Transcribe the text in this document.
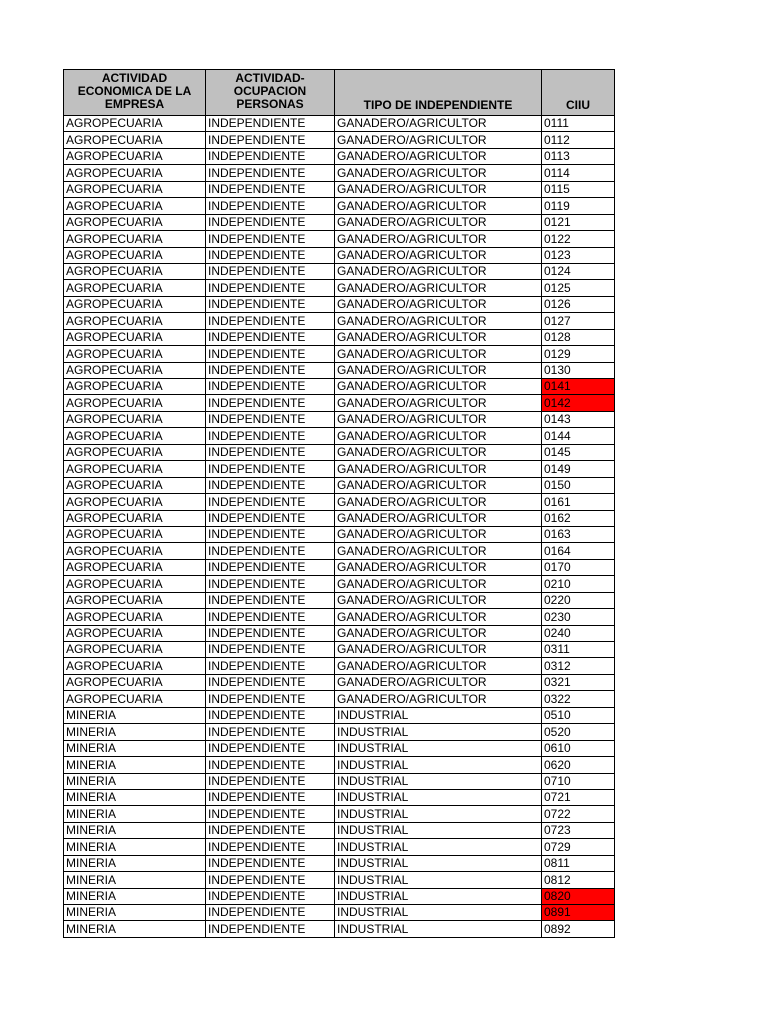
ACTIVIDAD ECONOMICA DE LA EMPRESA	ACTIVIDAD-OCUPACION PERSONAS	TIPO DE INDEPENDIENTE	CIIU
AGROPECUARIA	INDEPENDIENTE	GANADERO/AGRICULTOR	0111
AGROPECUARIA	INDEPENDIENTE	GANADERO/AGRICULTOR	0112
AGROPECUARIA	INDEPENDIENTE	GANADERO/AGRICULTOR	0113
AGROPECUARIA	INDEPENDIENTE	GANADERO/AGRICULTOR	0114
AGROPECUARIA	INDEPENDIENTE	GANADERO/AGRICULTOR	0115
AGROPECUARIA	INDEPENDIENTE	GANADERO/AGRICULTOR	0119
AGROPECUARIA	INDEPENDIENTE	GANADERO/AGRICULTOR	0121
AGROPECUARIA	INDEPENDIENTE	GANADERO/AGRICULTOR	0122
AGROPECUARIA	INDEPENDIENTE	GANADERO/AGRICULTOR	0123
AGROPECUARIA	INDEPENDIENTE	GANADERO/AGRICULTOR	0124
AGROPECUARIA	INDEPENDIENTE	GANADERO/AGRICULTOR	0125
AGROPECUARIA	INDEPENDIENTE	GANADERO/AGRICULTOR	0126
AGROPECUARIA	INDEPENDIENTE	GANADERO/AGRICULTOR	0127
AGROPECUARIA	INDEPENDIENTE	GANADERO/AGRICULTOR	0128
AGROPECUARIA	INDEPENDIENTE	GANADERO/AGRICULTOR	0129
AGROPECUARIA	INDEPENDIENTE	GANADERO/AGRICULTOR	0130
AGROPECUARIA	INDEPENDIENTE	GANADERO/AGRICULTOR	0141
AGROPECUARIA	INDEPENDIENTE	GANADERO/AGRICULTOR	0142
AGROPECUARIA	INDEPENDIENTE	GANADERO/AGRICULTOR	0143
AGROPECUARIA	INDEPENDIENTE	GANADERO/AGRICULTOR	0144
AGROPECUARIA	INDEPENDIENTE	GANADERO/AGRICULTOR	0145
AGROPECUARIA	INDEPENDIENTE	GANADERO/AGRICULTOR	0149
AGROPECUARIA	INDEPENDIENTE	GANADERO/AGRICULTOR	0150
AGROPECUARIA	INDEPENDIENTE	GANADERO/AGRICULTOR	0161
AGROPECUARIA	INDEPENDIENTE	GANADERO/AGRICULTOR	0162
AGROPECUARIA	INDEPENDIENTE	GANADERO/AGRICULTOR	0163
AGROPECUARIA	INDEPENDIENTE	GANADERO/AGRICULTOR	0164
AGROPECUARIA	INDEPENDIENTE	GANADERO/AGRICULTOR	0170
AGROPECUARIA	INDEPENDIENTE	GANADERO/AGRICULTOR	0210
AGROPECUARIA	INDEPENDIENTE	GANADERO/AGRICULTOR	0220
AGROPECUARIA	INDEPENDIENTE	GANADERO/AGRICULTOR	0230
AGROPECUARIA	INDEPENDIENTE	GANADERO/AGRICULTOR	0240
AGROPECUARIA	INDEPENDIENTE	GANADERO/AGRICULTOR	0311
AGROPECUARIA	INDEPENDIENTE	GANADERO/AGRICULTOR	0312
AGROPECUARIA	INDEPENDIENTE	GANADERO/AGRICULTOR	0321
AGROPECUARIA	INDEPENDIENTE	GANADERO/AGRICULTOR	0322
MINERIA	INDEPENDIENTE	INDUSTRIAL	0510
MINERIA	INDEPENDIENTE	INDUSTRIAL	0520
MINERIA	INDEPENDIENTE	INDUSTRIAL	0610
MINERIA	INDEPENDIENTE	INDUSTRIAL	0620
MINERIA	INDEPENDIENTE	INDUSTRIAL	0710
MINERIA	INDEPENDIENTE	INDUSTRIAL	0721
MINERIA	INDEPENDIENTE	INDUSTRIAL	0722
MINERIA	INDEPENDIENTE	INDUSTRIAL	0723
MINERIA	INDEPENDIENTE	INDUSTRIAL	0729
MINERIA	INDEPENDIENTE	INDUSTRIAL	0811
MINERIA	INDEPENDIENTE	INDUSTRIAL	0812
MINERIA	INDEPENDIENTE	INDUSTRIAL	0820
MINERIA	INDEPENDIENTE	INDUSTRIAL	0891
MINERIA	INDEPENDIENTE	INDUSTRIAL	0892
